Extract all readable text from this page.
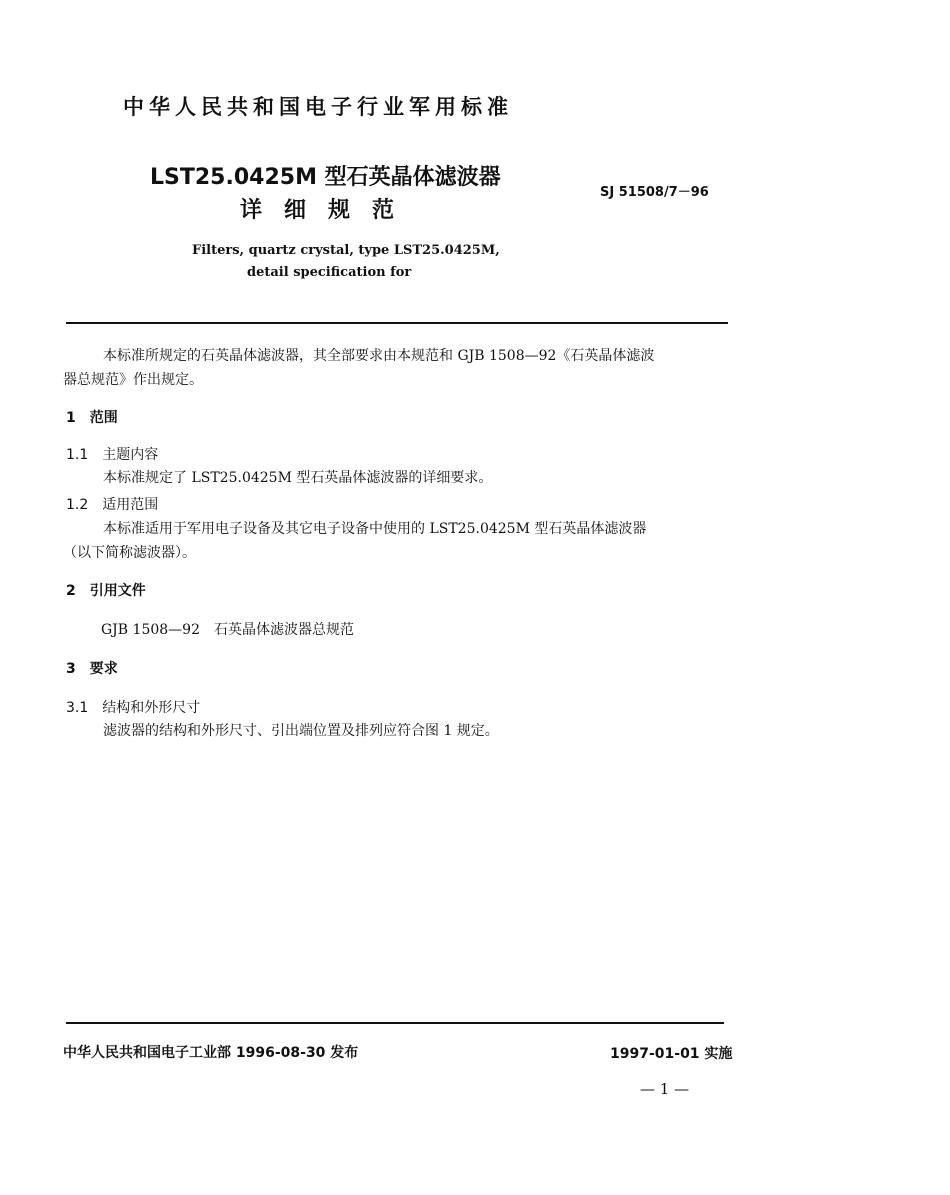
中华人民共和国电子行业军用标准
LST25.0425M 型石英晶体滤波器
详细规范
SJ 51508/7－96
Filters, quartz crystal, type LST25.0425M,
detail specification for
本标准所规定的石英晶体滤波器，其全部要求由本规范和 GJB 1508—92《石英晶体滤波
器总规范》作出规定。
1　范围
1.1　主题内容
本标准规定了 LST25.0425M 型石英晶体滤波器的详细要求。
1.2　适用范围
本标准适用于军用电子设备及其它电子设备中使用的 LST25.0425M 型石英晶体滤波器
（以下简称滤波器）。
2　引用文件
GJB 1508—92　石英晶体滤波器总规范
3　要求
3.1　结构和外形尺寸
滤波器的结构和外形尺寸、引出端位置及排列应符合图 1 规定。
中华人民共和国电子工业部 1996-08-30 发布	1997-01-01 实施
— 1 —
